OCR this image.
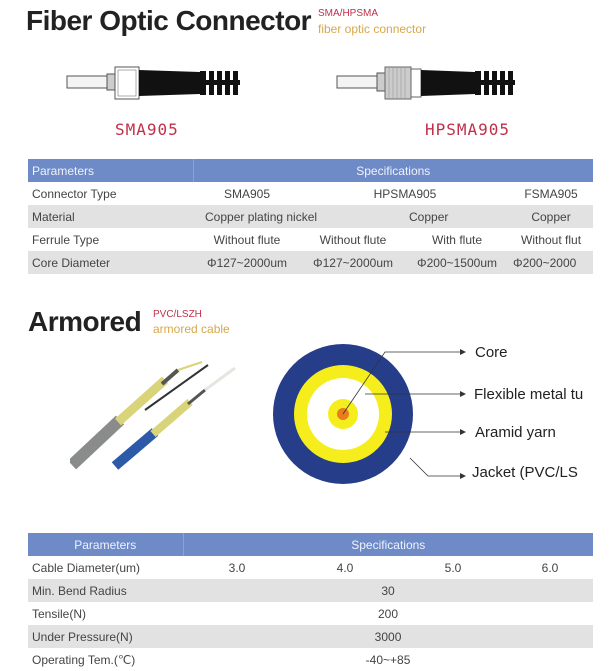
Fiber Optic Connector SMA/HPSMA
fiber optic connector
SMA905	HPSMA905
Parameters	Specifications			
Connector Type	SMA905	HPSMA905		FSMA905
Material	Copper plating nickel		Copper	Copper
Ferrule Type	Without flute	Without flute	With flute	Without flut
Core Diameter	Φ127~2000um	Φ127~2000um	Φ200~1500um	Φ200~2000
Armored PVC/LSZH
armored cable
Core
Flexible metal tu
Aramid yarn
Jacket (PVC/LS
Parameters	Specifications			
Cable Diameter(um)	3.0	4.0	5.0	6.0
Min. Bend Radius	30			
Tensile(N)	200			
Under Pressure(N)	3000			
Operating Tem.(℃)	-40~+85			
